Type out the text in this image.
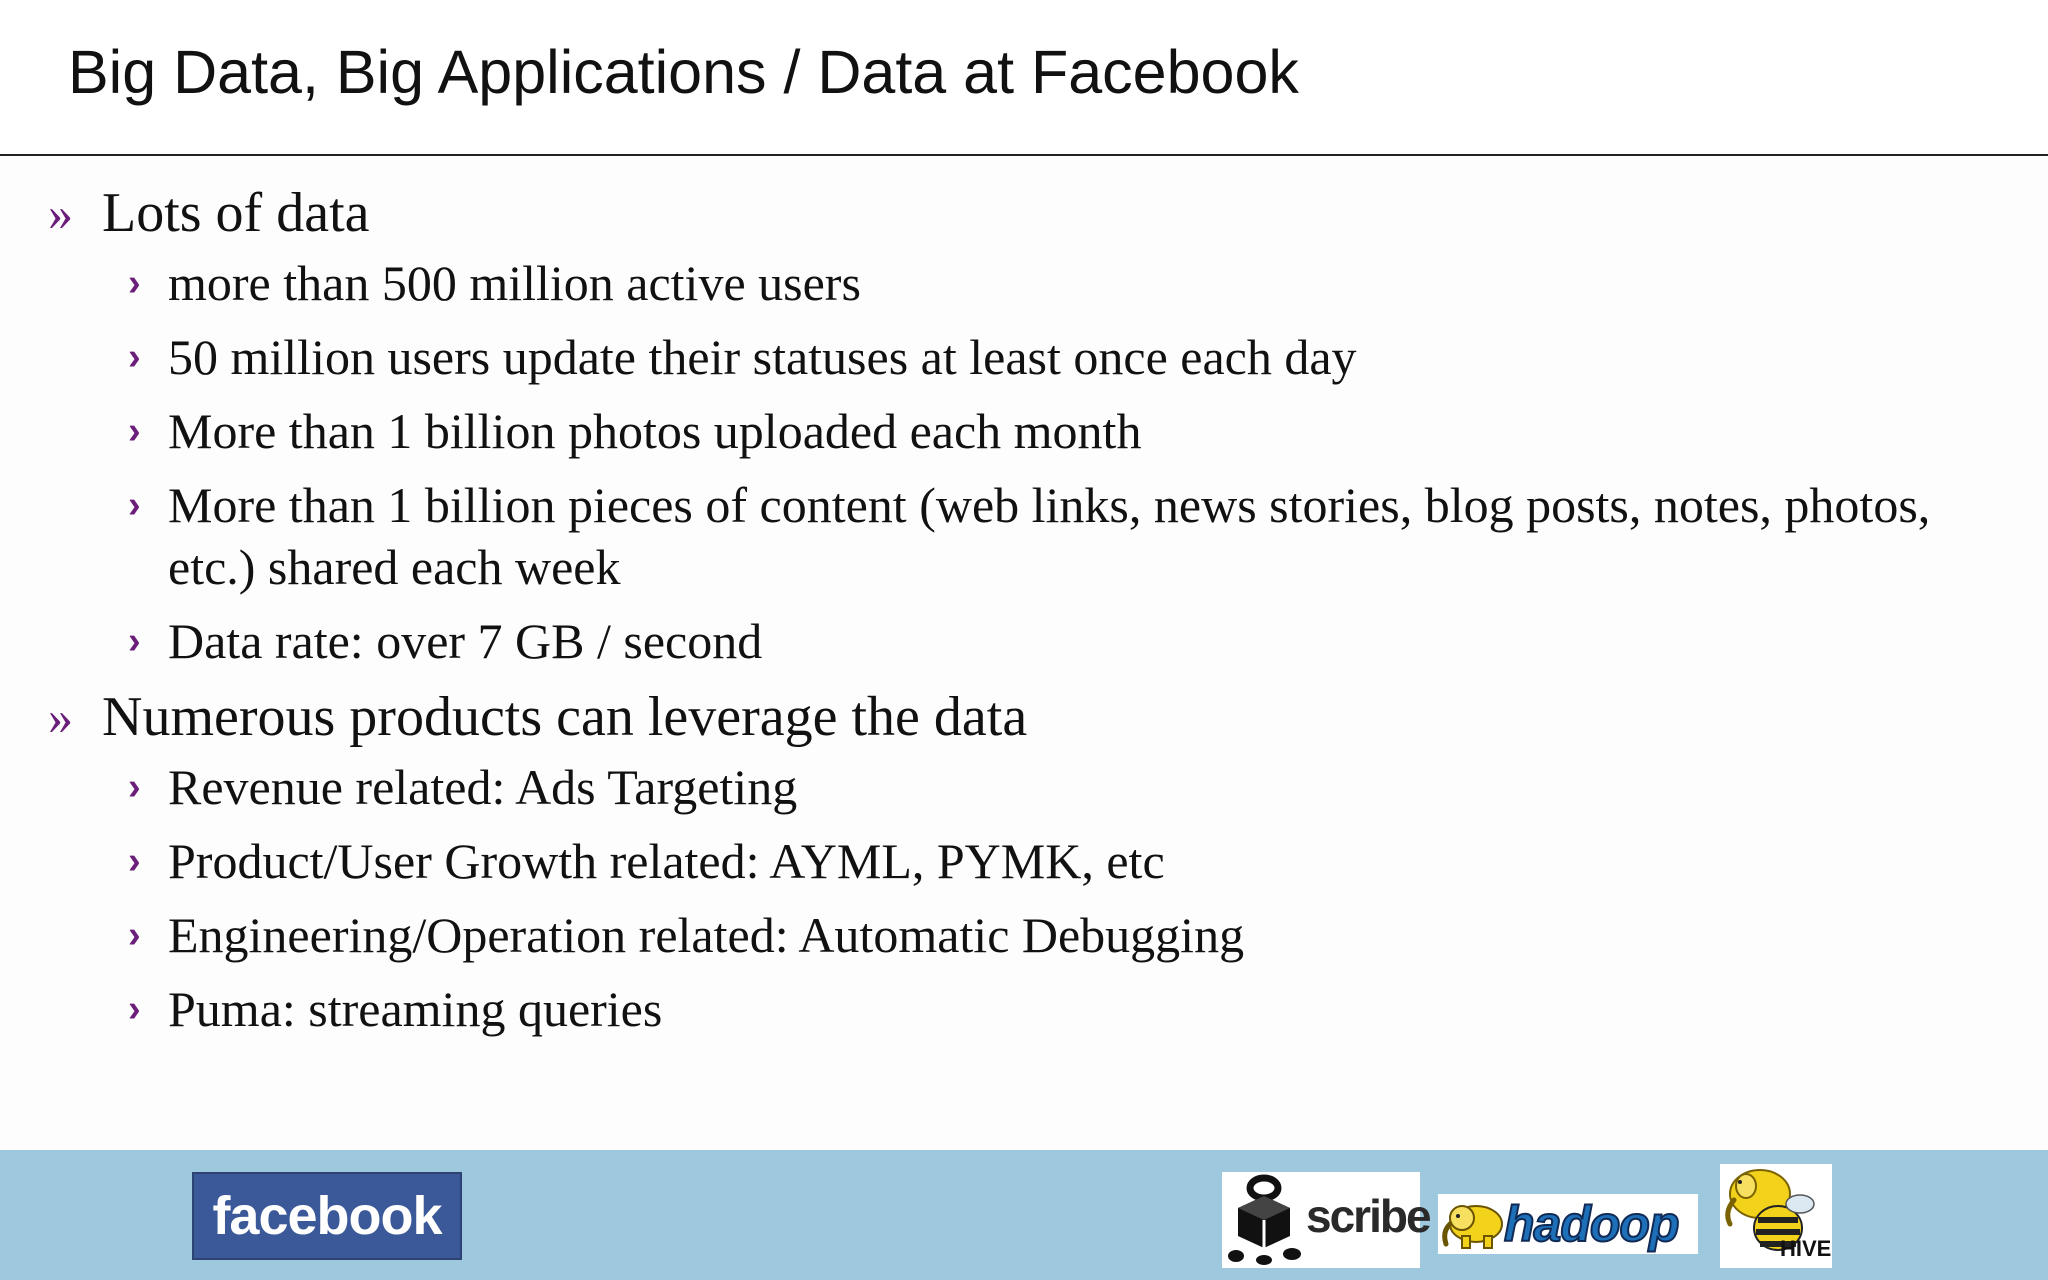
Big Data, Big Applications / Data at Facebook
» Lots of data
› more than 500 million active users
› 50 million users update their statuses at least once each day
› More than 1 billion photos uploaded each month
› More than 1 billion pieces of content (web links, news stories, blog posts, notes, photos, etc.) shared each week
› Data rate: over 7 GB / second
» Numerous products can leverage the data
› Revenue related: Ads Targeting
› Product/User Growth related: AYML, PYMK, etc
› Engineering/Operation related: Automatic Debugging
› Puma: streaming queries
facebook	scribe hadoop	HIVE
